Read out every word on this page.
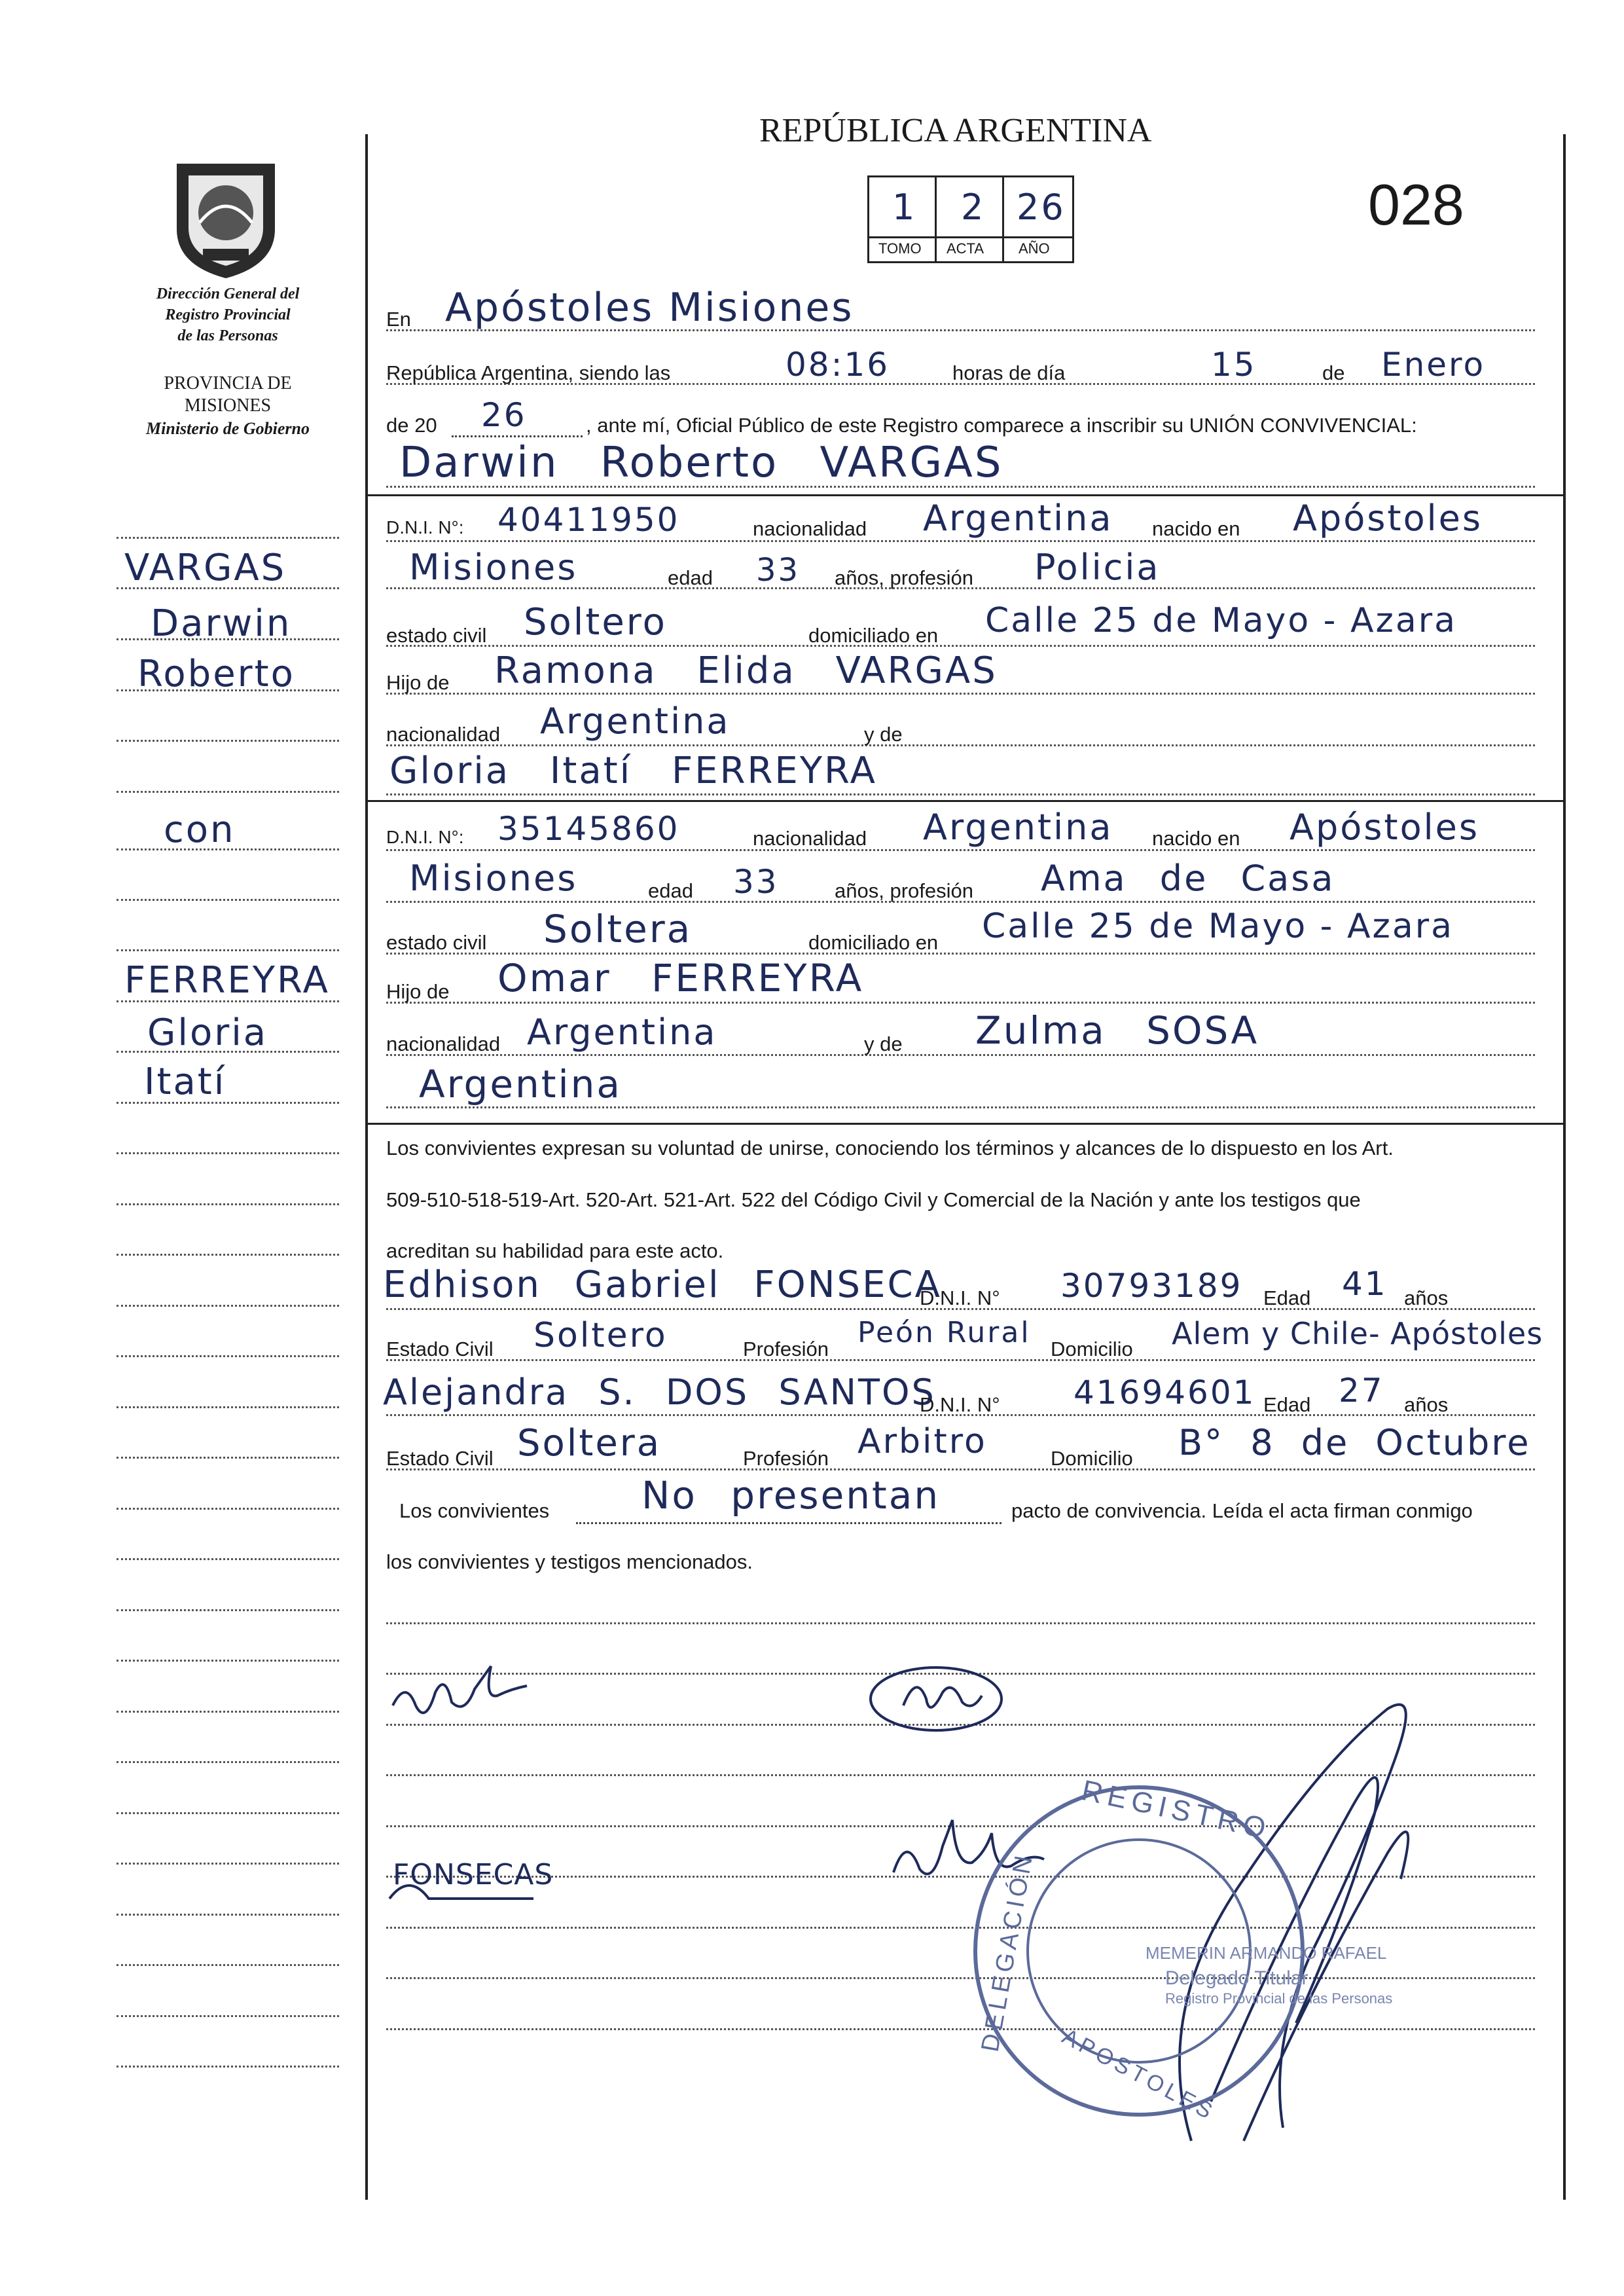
Dirección General del
Registro Provincial
de las Personas
PROVINCIA DE
MISIONES
Ministerio de Gobierno
VARGAS
Darwin
Roberto
con
FERREYRA
Gloria
Itatí
REPÚBLICA ARGENTINA
028
1 2 26
TOMO ACTA AÑO
En Apóstoles Misiones
República Argentina, siendo las	08:16	horas de día	15	de Enero
de 20 26	, ante mí, Oficial Público de este Registro comparece a inscribir su UNIÓN CONVIVENCIAL:
Darwin Roberto VARGAS
D.N.I. N°: 40411950	nacionalidad Argentina nacido en Apóstoles
Misiones	edad 33 años, profesión Policia
estado civil Soltero	domiciliado en Calle 25 de Mayo - Azara
Hijo de Ramona Elida VARGAS
nacionalidad Argentina	y de
Gloria Itatí FERREYRA
D.N.I. N°: 35145860	nacionalidad Argentina nacido en Apóstoles
Misiones	edad 33	años, profesión Ama de Casa
estado civil Soltera	domiciliado en Calle 25 de Mayo - Azara
Hijo de Omar FERREYRA
nacionalidad Argentina	y de Zulma SOSA
Argentina
Los convivientes expresan su voluntad de unirse, conociendo los términos y alcances de lo dispuesto en los Art.
509-510-518-519-Art. 520-Art. 521-Art. 522 del Código Civil y Comercial de la Nación y ante los testigos que
acreditan su habilidad para este acto.
Edhison Gabriel FONSECA
D.N.I. N° 30793189 Edad 41 años
Estado Civil Soltero	Profesión Peón Rural Domicilio Alem y Chile- Apóstoles
Alejandra S. DOS SANTOS
D.N.I. N° 41694601 Edad 27 años
Estado Civil Soltera	Profesión Arbitro	Domicilio B° 8 de Octubre
Los convivientes No presentan	pacto de convivencia. Leída el acta firman conmigo
los convivientes y testigos mencionados.
FONSECAS
REGISTRO
DELEGACIÓN
APOSTOLES
MEMERIN ARMANDO RAFAEL
Delegado Titular
Registro Provincial de las Personas
